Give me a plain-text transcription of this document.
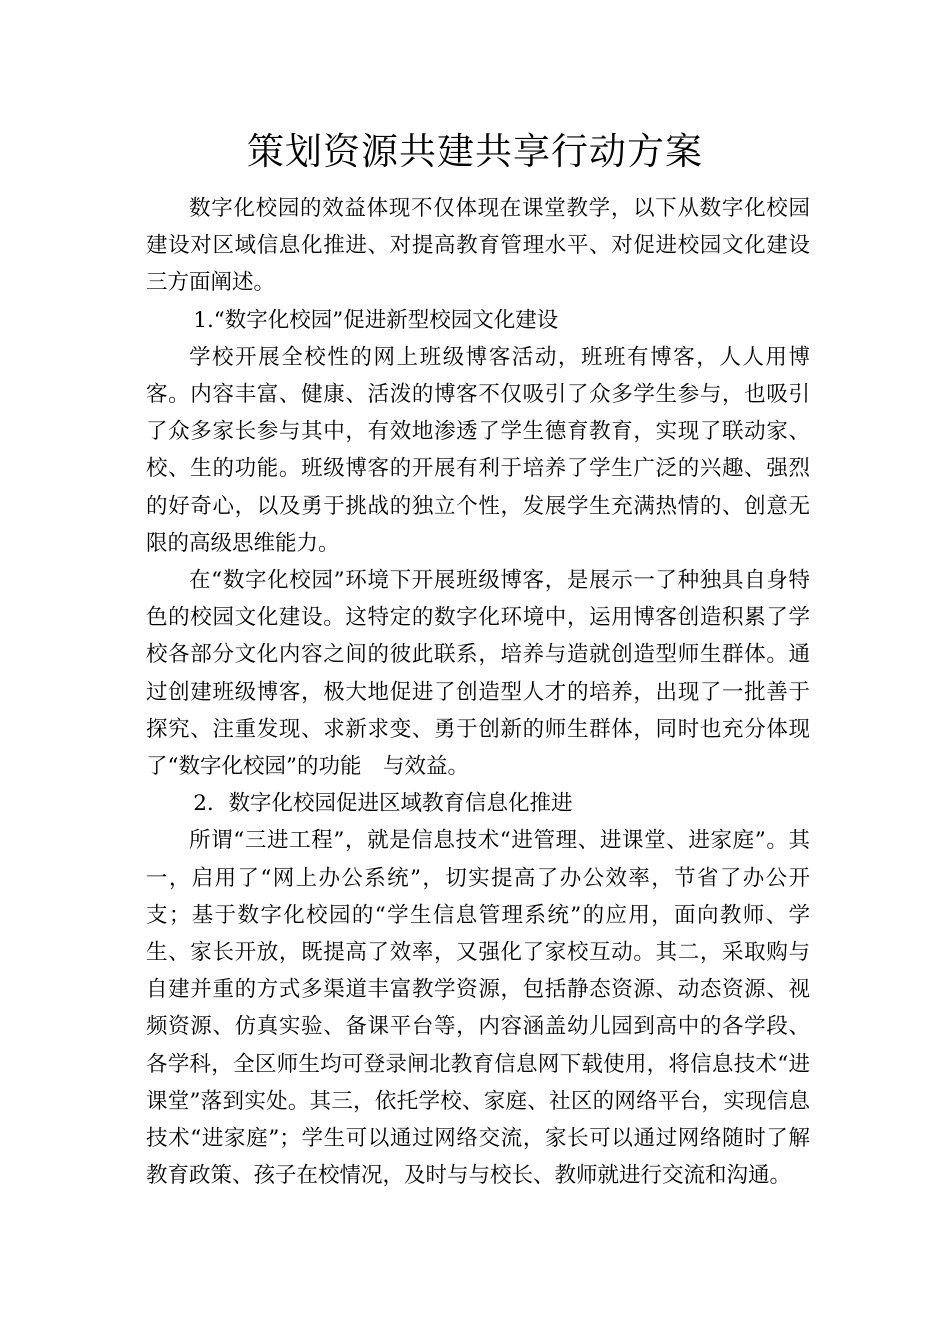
策划资源共建共享行动方案

数字化校园的效益体现不仅体现在课堂教学，以下从数字化校园建设对区域信息化推进、对提高教育管理水平、对促进校园文化建设三方面阐述。

1.“数字化校园”促进新型校园文化建设

学校开展全校性的网上班级博客活动，班班有博客，人人用博客。内容丰富、健康、活泼的博客不仅吸引了众多学生参与，也吸引了众多家长参与其中，有效地渗透了学生德育教育，实现了联动家、校、生的功能。班级博客的开展有利于培养了学生广泛的兴趣、强烈的好奇心，以及勇于挑战的独立个性，发展学生充满热情的、创意无限的高级思维能力。

在“数字化校园”环境下开展班级博客，是展示一了种独具自身特色的校园文化建设。这特定的数字化环境中，运用博客创造积累了学校各部分文化内容之间的彼此联系，培养与造就创造型师生群体。通过创建班级博客，极大地促进了创造型人才的培养，出现了一批善于探究、注重发现、求新求变、勇于创新的师生群体，同时也充分体现了“数字化校园”的功能　与效益。

2．数字化校园促进区域教育信息化推进

所谓“三进工程”，就是信息技术“进管理、进课堂、进家庭”。其一，启用了“网上办公系统”，切实提高了办公效率，节省了办公开支；基于数字化校园的“学生信息管理系统”的应用，面向教师、学生、家长开放，既提高了效率，又强化了家校互动。其二，采取购与自建并重的方式多渠道丰富教学资源，包括静态资源、动态资源、视频资源、仿真实验、备课平台等，内容涵盖幼儿园到高中的各学段、各学科，全区师生均可登录闸北教育信息网下载使用，将信息技术“进课堂”落到实处。其三，依托学校、家庭、社区的网络平台，实现信息技术“进家庭”；学生可以通过网络交流，家长可以通过网络随时了解教育政策、孩子在校情况，及时与与校长、教师就进行交流和沟通。
